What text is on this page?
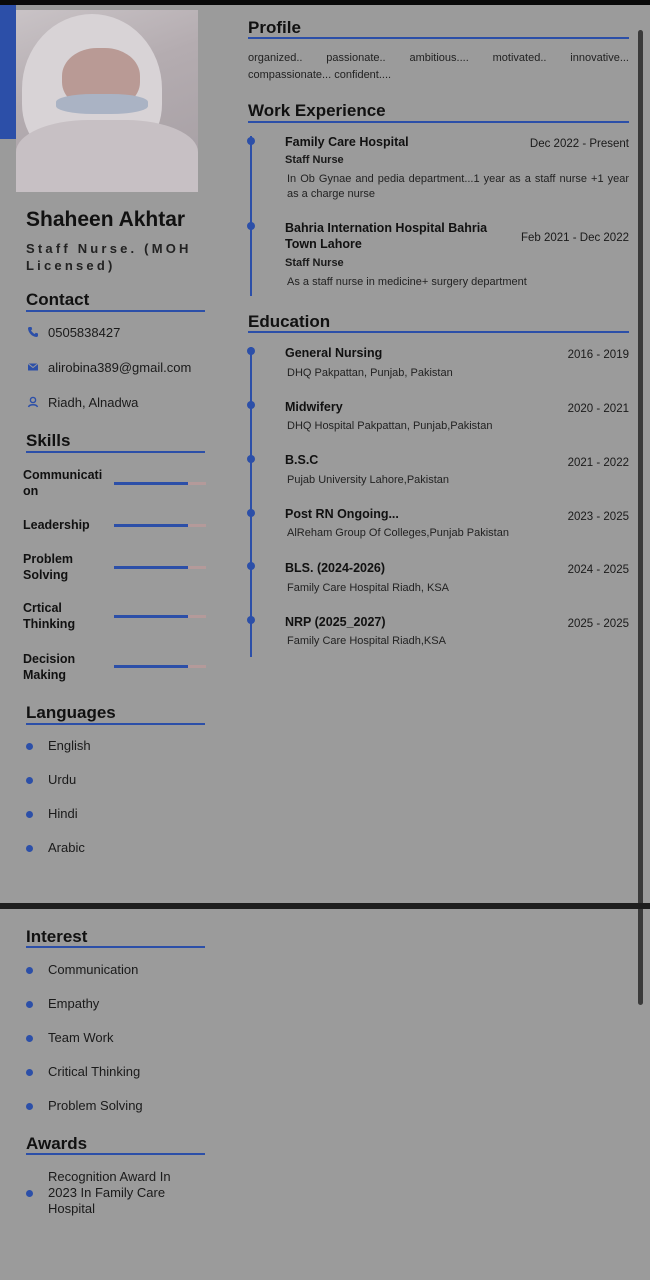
Shaheen Akhtar
Staff Nurse. (MOH Licensed)
Contact
0505838427
alirobina389@gmail.com
Riadh, Alnadwa
Skills
Communicati on
Leadership
Problem Solving
Crtical Thinking
Decision Making
Languages
English
Urdu
Hindi
Arabic
Interest
Communication
Empathy
Team Work
Critical Thinking
Problem Solving
Awards
Recognition Award In 2023 In Family Care Hospital
Profile
organized.. passionate.. ambitious.... motivated.. innovative...
compassionate... confident....
Work Experience
Family Care Hospital	Dec 2022 - Present
Staff Nurse
In Ob Gynae and pedia department...1 year as a staff nurse +1 year as a charge nurse
Bahria Internation Hospital Bahria Town Lahore	Feb 2021 - Dec 2022
Staff Nurse
As a staff nurse in medicine+ surgery department
Education
General Nursing	2016 - 2019
DHQ Pakpattan, Punjab, Pakistan
Midwifery	2020 - 2021
DHQ Hospital Pakpattan, Punjab,Pakistan
B.S.C	2021 - 2022
Pujab University Lahore,Pakistan
Post RN Ongoing...	2023 - 2025
AlReham Group Of Colleges,Punjab Pakistan
BLS. (2024-2026)	2024 - 2025
Family Care Hospital Riadh, KSA
NRP (2025_2027)	2025 - 2025
Family Care Hospital Riadh,KSA
